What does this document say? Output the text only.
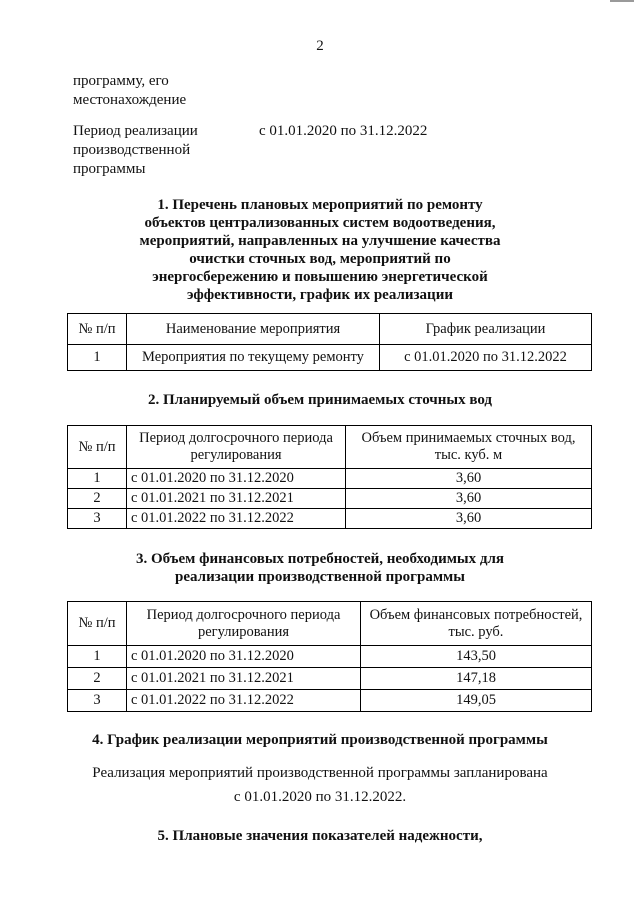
2
программу, его
местонахождение
Период реализации
производственной
программы
с 01.01.2020 по 31.12.2022
1. Перечень плановых мероприятий по ремонту
объектов централизованных систем водоотведения,
мероприятий, направленных на улучшение качества
очистки сточных вод, мероприятий по
энергосбережению и повышению энергетической
эффективности, график их реализации
№ п/п	Наименование мероприятия	График реализации
1	Мероприятия по текущему ремонту	с 01.01.2020 по 31.12.2022
2. Планируемый объем принимаемых сточных вод
№ п/п	Период долгосрочного периода регулирования	Объем принимаемых сточных вод, тыс. куб. м
1	с 01.01.2020 по 31.12.2020	3,60
2	с 01.01.2021 по 31.12.2021	3,60
3	с 01.01.2022 по 31.12.2022	3,60
3. Объем финансовых потребностей, необходимых для
реализации производственной программы
№ п/п	Период долгосрочного периода регулирования	Объем финансовых потребностей, тыс. руб.
1	с 01.01.2020 по 31.12.2020	143,50
2	с 01.01.2021 по 31.12.2021	147,18
3	с 01.01.2022 по 31.12.2022	149,05
4. График реализации мероприятий производственной программы
Реализация мероприятий производственной программы запланирована
с 01.01.2020 по 31.12.2022.
5. Плановые значения показателей надежности,
